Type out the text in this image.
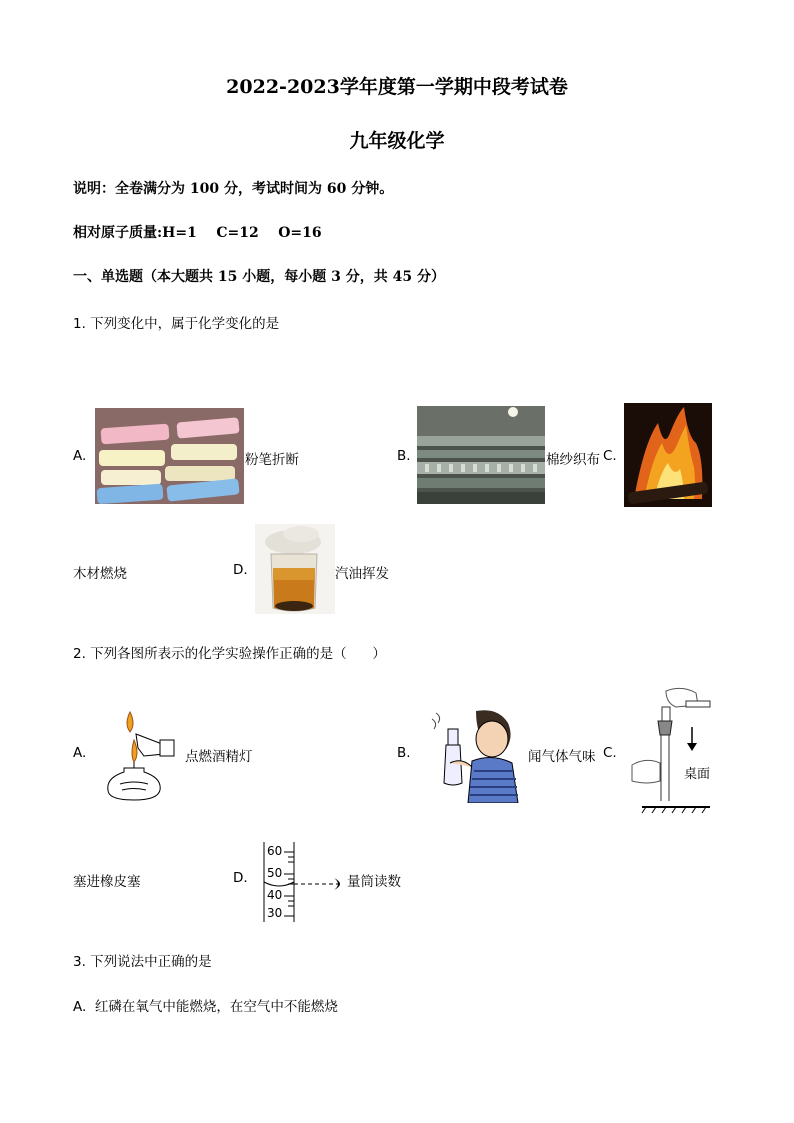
2022-2023学年度第一学期中段考试卷
九年级化学
说明：全卷满分为 100 分，考试时间为 60 分钟。
相对原子质量:H=1    C=12    O=16
一、单选题（本大题共 15 小题，每小题 3 分，共 45 分）
1. 下列变化中，属于化学变化的是
A.	粉笔折断	B.	棉纱织布 C.
木材燃烧	D.	汽油挥发
2. 下列各图所表示的化学实验操作正确的是（      ）
A.	点燃酒精灯	B.	闻气体气味 C.
桌面
塞进橡皮塞	D.
60
50
40
30
量筒读数
3. 下列说法中正确的是
A.  红磷在氧气中能燃烧，在空气中不能燃烧
